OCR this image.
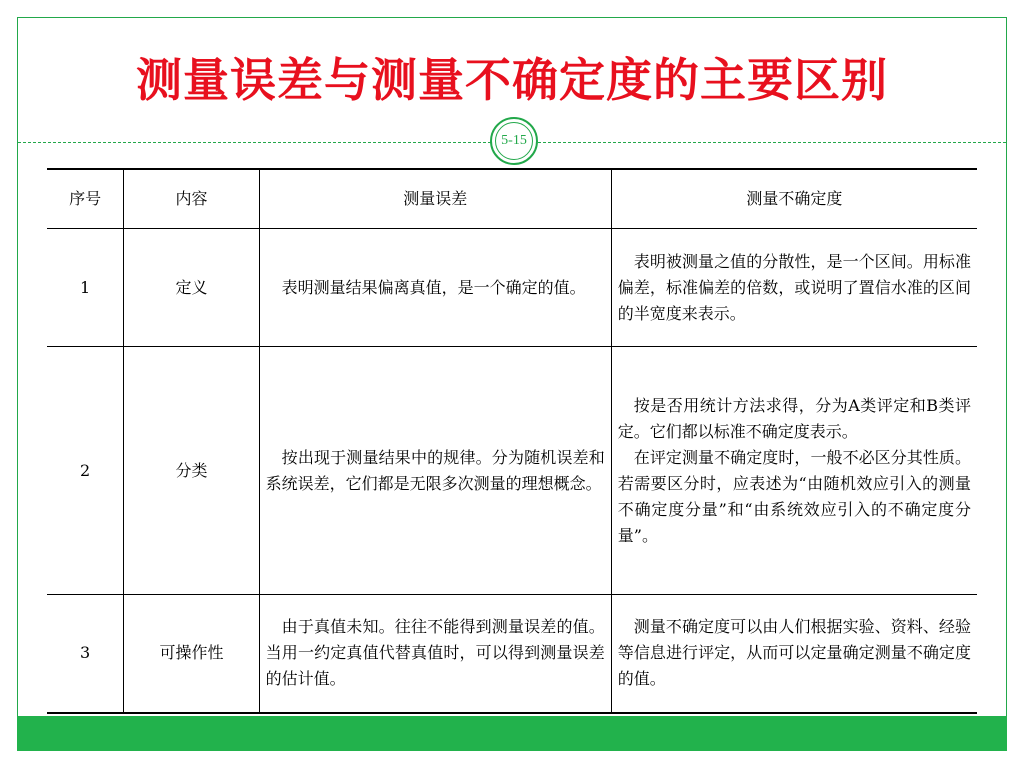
测量误差与测量不确定度的主要区别
5-15
序号	内容	测量误差	测量不确定度
1	定义	表明测量结果偏离真值，是一个确定的值。	表明被测量之值的分散性，是一个区间。用标准偏差，标准偏差的倍数，或说明了置信水准的区间的半宽度来表示。

2	分类	按出现于测量结果中的规律。分为随机误差和系统误差，它们都是无限多次测量的理想概念。	按是否用统计方法求得，分为A类评定和B类评定。它们都以标准不确定度表示。
在评定测量不确定度时，一般不必区分其性质。若需要区分时，应表述为“由随机效应引入的测量不确定度分量”和“由系统效应引入的不确定度分量”。

3	可操作性	由于真值未知。往往不能得到测量误差的值。当用一约定真值代替真值时，可以得到测量误差的估计值。	测量不确定度可以由人们根据实验、资料、经验等信息进行评定，从而可以定量确定测量不确定度的值。
